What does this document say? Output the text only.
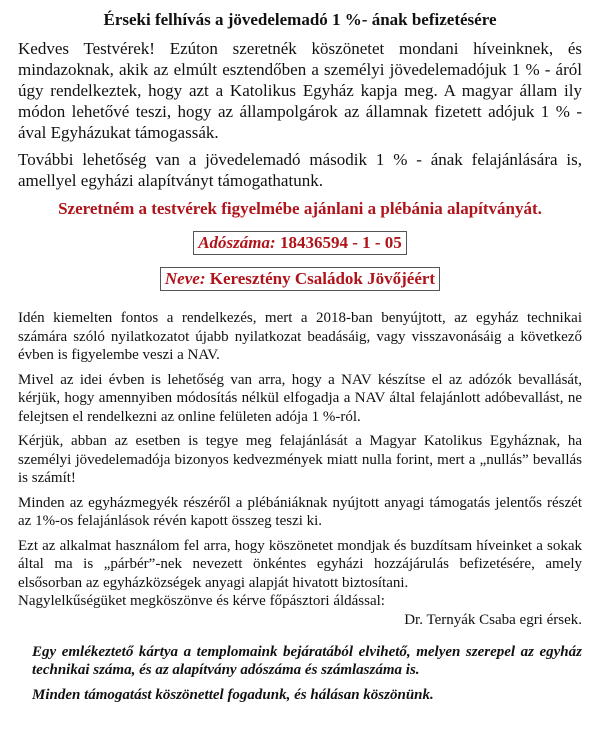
Érseki felhívás a jövedelemadó 1 %- ának befizetésére

Kedves Testvérek! Ezúton szeretnék köszönetet mondani híveinknek, és mindazoknak, akik az elmúlt esztendőben a személyi jövedelemadójuk 1 % - áról úgy rendelkeztek, hogy azt a Katolikus Egyház kapja meg. A magyar állam ily módon lehetővé teszi, hogy az állampolgárok az államnak fizetett adójuk 1 % - ával Egyházukat támogassák.

További lehetőség van a jövedelemadó második 1 % - ának felajánlására is, amellyel egyházi alapítványt támogathatunk.

Szeretném a testvérek figyelmébe ajánlani a plébánia alapítványát.
Adószáma: 18436594 - 1 - 05
Neve: Keresztény Családok Jövőjéért

Idén kiemelten fontos a rendelkezés, mert a 2018-ban benyújtott, az egyház technikai számára szóló nyilatkozatot újabb nyilatkozat beadásáig, vagy visszavonásáig a következő évben is figyelembe veszi a NAV.

Mivel az idei évben is lehetőség van arra, hogy a NAV készítse el az adózók bevallását, kérjük, hogy amennyiben módosítás nélkül elfogadja a NAV által felajánlott adóbevallást, ne felejtsen el rendelkezni az online felületen adója 1 %-ról.

Kérjük, abban az esetben is tegye meg felajánlását a Magyar Katolikus Egyháznak, ha személyi jövedelemadója bizonyos kedvezmények miatt nulla forint, mert a „nullás” bevallás is számít!

Minden az egyházmegyék részéről a plébániáknak nyújtott anyagi támogatás jelentős részét az 1%-os felajánlások révén kapott összeg teszi ki.

Ezt az alkalmat használom fel arra, hogy köszönetet mondjak és buzdítsam híveinket a sokak által ma is „párbér”-nek nevezett önkéntes egyházi hozzájárulás befizetésére, amely elsősorban az egyházközségek anyagi alapját hivatott biztosítani.

Nagylelkűségüket megköszönve és kérve főpásztori áldással:

Dr. Ternyák Csaba egri érsek.

Egy emlékeztető kártya a templomaink bejáratából elvihető, melyen szerepel az egyház technikai száma, és az alapítvány adószáma és számlaszáma is.

Minden támogatást köszönettel fogadunk, és hálásan köszönünk.
